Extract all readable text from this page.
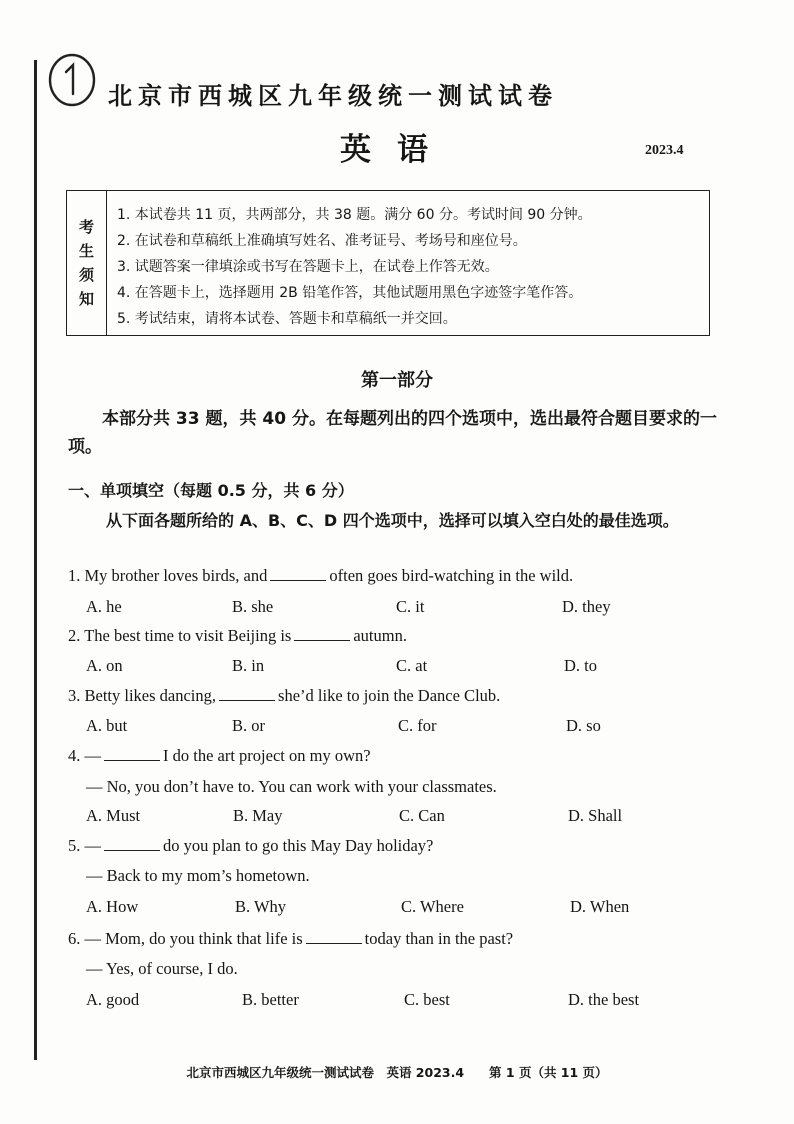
北京市西城区九年级统一测试试卷
英语	2023.4
考
生
须
知
1. 本试卷共 11 页，共两部分，共 38 题。满分 60 分。考试时间 90 分钟。
2. 在试卷和草稿纸上准确填写姓名、准考证号、考场号和座位号。
3. 试题答案一律填涂或书写在答题卡上，在试卷上作答无效。
4. 在答题卡上，选择题用 2B 铅笔作答，其他试题用黑色字迹签字笔作答。
5. 考试结束，请将本试卷、答题卡和草稿纸一并交回。
第一部分
本部分共 33 题，共 40 分。在每题列出的四个选项中，选出最符合题目要求的一项。
一、单项填空（每题 0.5 分，共 6 分）
从下面各题所给的 A、B、C、D 四个选项中，选择可以填入空白处的最佳选项。
1. My brother loves birds, and	often goes bird-watching in the wild.
A. he	B. she	C. it	D. they
2. The best time to visit Beijing is	autumn.
A. on	B. in	C. at	D. to
3. Betty likes dancing,	she’d like to join the Dance Club.
A. but	B. or	C. for	D. so
4. —	I do the art project on my own?
— No, you don’t have to. You can work with your classmates.
A. Must	B. May	C. Can	D. Shall
5. —	do you plan to go this May Day holiday?
— Back to my mom’s hometown.
A. How	B. Why	C. Where	D. When
6. — Mom, do you think that life is	today than in the past?
— Yes, of course, I do.
A. good	B. better	C. best	D. the best
北京市西城区九年级统一测试试卷　英语 2023.4　　第 1 页（共 11 页）
